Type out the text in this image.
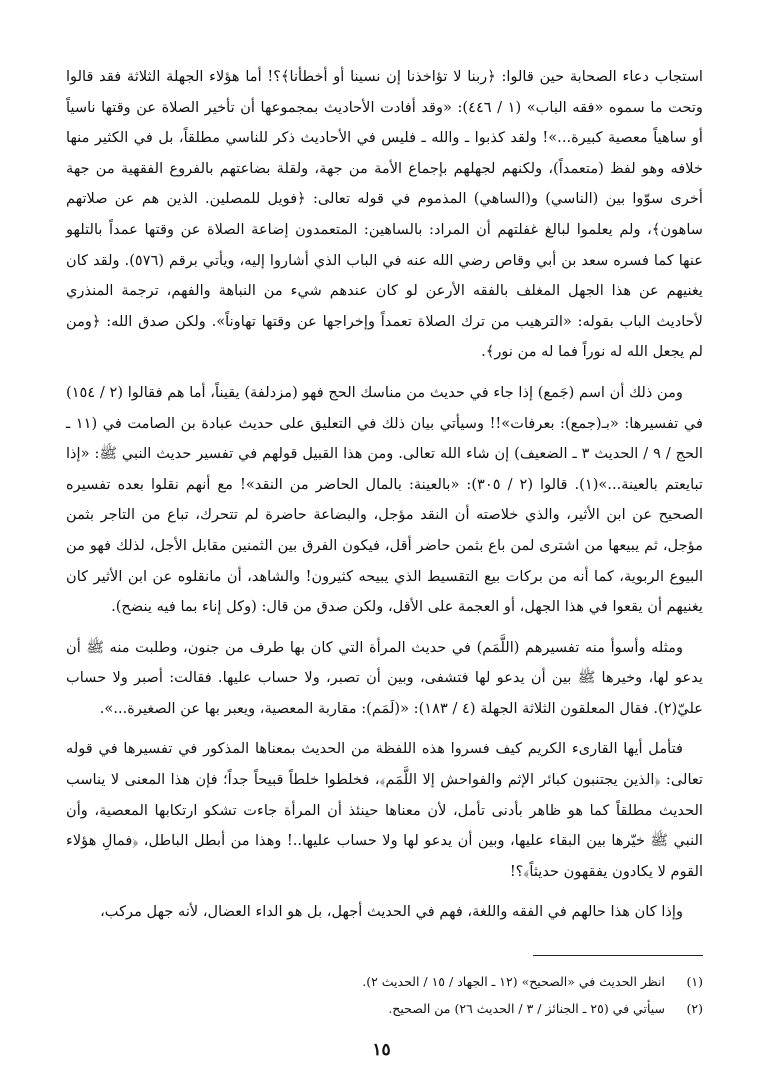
استجاب دعاء الصحابة حين قالوا: ﴿ربنا لا تؤاخذنا إن نسينا أو أخطأنا﴾؟! أما هؤلاء الجهلة الثلاثة فقد قالوا وتحت ما سموه «فقه الباب» (١ / ٤٤٦): «وقد أفادت الأحاديث بمجموعها أن تأخير الصلاة عن وقتها ناسياً أو ساهياً معصية كبيرة...»! ولقد كذبوا ـ والله ـ فليس في الأحاديث ذكر للناسي مطلقاً، بل في الكثير منها خلافه وهو لفظ (متعمداً)، ولكنهم لجهلهم بإجماع الأمة من جهة، ولقلة بضاعتهم بالفروع الفقهية من جهة أخرى سوّوا بين (الناسي) و(الساهي) المذموم في قوله تعالى: ﴿فويل للمصلين. الذين هم عن صلاتهم ساهون﴾، ولم يعلموا لبالغ غفلتهم أن المراد: بالساهين: المتعمدون إضاعة الصلاة عن وقتها عمداً بالتلهو عنها كما فسره سعد بن أبي وقاص رضي الله عنه في الباب الذي أشاروا إليه، ويأتي برقم (٥٧٦). ولقد كان يغنيهم عن هذا الجهل المغلف بالفقه الأرعن لو كان عندهم شيء من النباهة والفهم، ترجمة المنذري لأحاديث الباب بقوله: «الترهيب من ترك الصلاة تعمداً وإخراجها عن وقتها تهاوناً». ولكن صدق الله: ﴿ومن لم يجعل الله له نوراً فما له من نور﴾.

ومن ذلك أن اسم (جَمع) إذا جاء في حديث من مناسك الحج فهو (مزدلفة) يقيناً، أما هم فقالوا (٢ / ١٥٤) في تفسيرها: «بـ(جمع): بعرفات»!! وسيأتي بيان ذلك في التعليق على حديث عبادة بن الصامت في (١١ ـ الحج / ٩ / الحديث ٣ ـ الضعيف) إن شاء الله تعالى. ومن هذا القبيل قولهم في تفسير حديث النبي ﷺ: «إذا تبايعتم بالعينة...»(١). قالوا (٢ / ٣٠٥): «بالعينة: بالمال الحاضر من النقد»! مع أنهم نقلوا بعده تفسيره الصحيح عن ابن الأثير، والذي خلاصته أن النقد مؤجل، والبضاعة حاضرة لم تتحرك، تباع من التاجر بثمن مؤجل، ثم يبيعها من اشترى لمن باع بثمن حاضر أقل، فيكون الفرق بين الثمنين مقابل الأجل، لذلك فهو من البيوع الربوية، كما أنه من بركات بيع التقسيط الذي يبيحه كثيرون! والشاهد، أن مانقلوه عن ابن الأثير كان يغنيهم أن يقعوا في هذا الجهل، أو العجمة على الأقل، ولكن صدق من قال: (وكل إناء بما فيه ينضح).

ومثله وأسوأ منه تفسيرهم (اللَّمَم) في حديث المرأة التي كان بها طرف من جنون، وطلبت منه ﷺ أن يدعو لها، وخيرها ﷺ بين أن يدعو لها فتشفى، وبين أن تصبر، ولا حساب عليها. فقالت: أصبر ولا حساب عليّ(٢). فقال المعلقون الثلاثة الجهلة (٤ / ١٨٣): «(لَمَم): مقاربة المعصية، ويعبر بها عن الصغيرة...».

فتأمل أيها القارىء الكريم كيف فسروا هذه اللفظة من الحديث بمعناها المذكور في تفسيرها في قوله تعالى: ﴿الذين يجتنبون كبائر الإثم والفواحش إلا اللَّمَم﴾، فخلطوا خلطاً قبيحاً جداً؛ فإن هذا المعنى لا يناسب الحديث مطلقاً كما هو ظاهر بأدنى تأمل، لأن معناها حينئذ أن المرأة جاءت تشكو ارتكابها المعصية، وأن النبي ﷺ خيّرها بين البقاء عليها، وبين أن يدعو لها ولا حساب عليها..! وهذا من أبطل الباطل، ﴿فمالِ هؤلاء القوم لا يكادون يفقهون حديثاً﴾؟!

وإذا كان هذا حالهم في الفقه واللغة، فهم في الحديث أجهل، بل هو الداء العضال، لأنه جهل مركب،

(١)
انظر الحديث في «الصحيح» (١٢ ـ الجهاد / ١٥ / الحديث ٢).
(٢)
سيأتي في (٢٥ ـ الجنائز / ٣ / الحديث ٢٦) من الصحيح.
١٥
